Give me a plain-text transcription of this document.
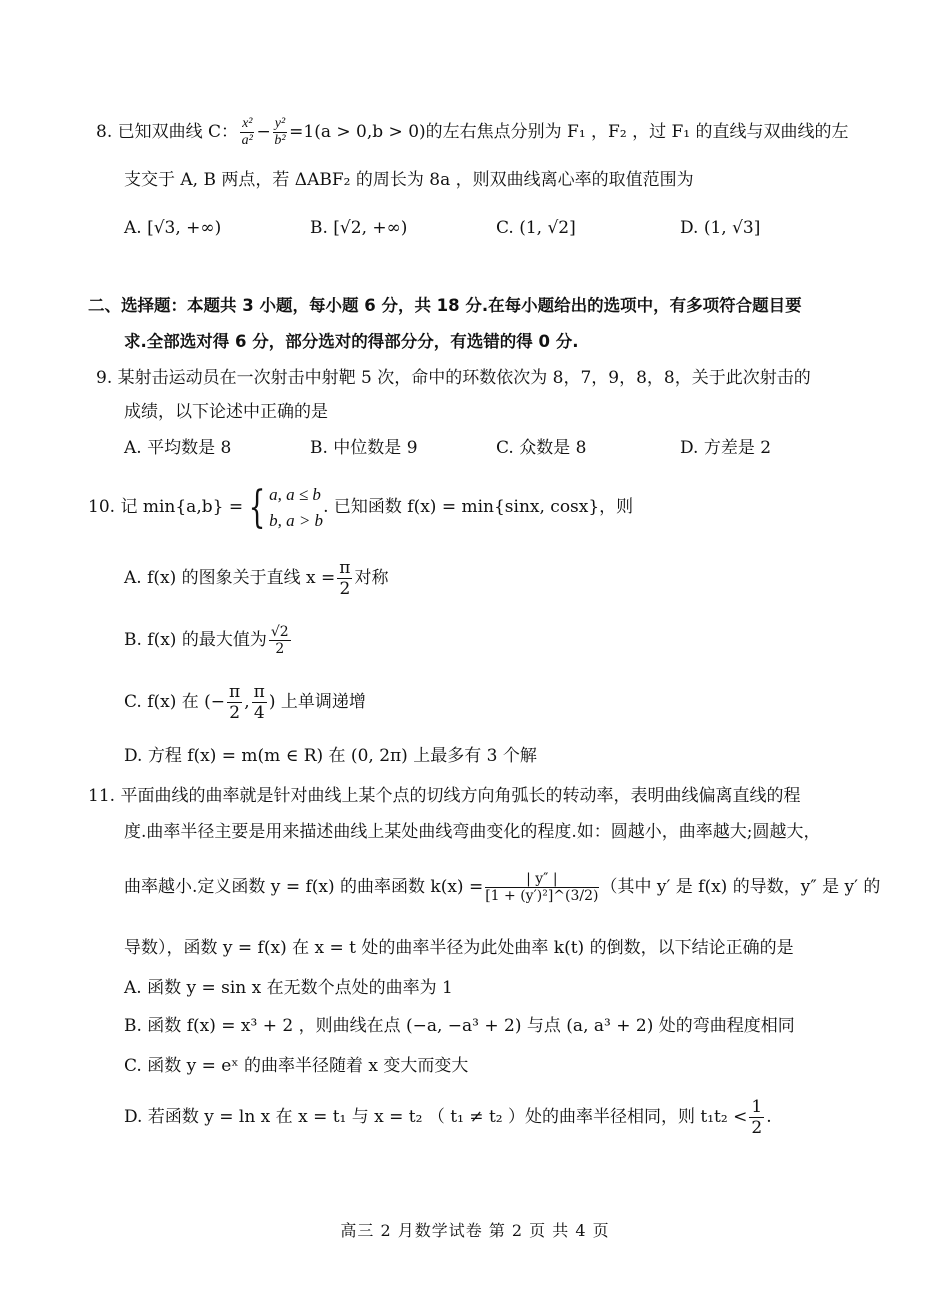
8. 已知双曲线 C： $\frac{\text{x²}}{\text{a²}} - \frac{\text{y²}}{\text{b²}} =1(a > 0,b > 0)$的左右焦点分别为 F₁ ，F₂ ，过 F₁ 的直线与双曲线的左
支交于 A, B 两点，若 ΔABF₂ 的周长为 8a ，则双曲线离心率的取值范围为
A. [√3, +∞)	B. [√2, +∞)	C. (1, √2]	D. (1, √3]
二、选择题：本题共 3 小题，每小题 6 分，共 18 分.在每小题给出的选项中，有多项符合题目要
求.全部选对得 6 分，部分选对的得部分分，有选错的得 0 分.
9. 某射击运动员在一次射击中射靶 5 次，命中的环数依次为 8，7，9，8，8，关于此次射击的
成绩，以下论述中正确的是
A. 平均数是 8	B. 中位数是 9	C. 众数是 8	D. 方差是 2
10. 记 min{a,b} = { a, a ≤ b
b, a > b
. 已知函数 f(x) = min{sinx, cosx}，则
A. f(x) 的图象关于直线 $x = \frac{\pi}{2}$ 对称
B. f(x) 的最大值为 $\frac{√2}{2}$
C. f(x) 在 (− $\frac{\pi}{2}$ , $\frac{\pi}{4}$ ) 上单调递增
D. 方程 f(x) = m(m ∈ R) 在 (0, 2π) 上最多有 3 个解
11. 平面曲线的曲率就是针对曲线上某个点的切线方向角弧长的转动率，表明曲线偏离直线的程
度.曲率半径主要是用来描述曲线上某处曲线弯曲变化的程度.如：圆越小，曲率越大;圆越大，
曲率越小.定义函数 y = f(x) 的曲率函数 $k(x) = \frac{| y'' |}{\text{[1 + (y′)²]\textasciicircum{}(3/2)}}$ （其中 y′ 是 f(x) 的导数，y″ 是 y′ 的
导数），函数 y = f(x) 在 x = t 处的曲率半径为此处曲率 k(t) 的倒数，以下结论正确的是
A. 函数 y = sin x 在无数个点处的曲率为 1
B. 函数 f(x) = x³ + 2 ，则曲线在点 (−a, −a³ + 2) 与点 (a, a³ + 2) 处的弯曲程度相同
C. 函数 y = eˣ 的曲率半径随着 x 变大而变大
D. 若函数 y = ln x 在 x = t₁ 与 x = t₂ （ t₁ ≠ t₂ ）处的曲率半径相同，则 $t_1t_2 < \frac{1}{2}$ .
高三 2 月数学试卷 第 2 页 共 4 页
